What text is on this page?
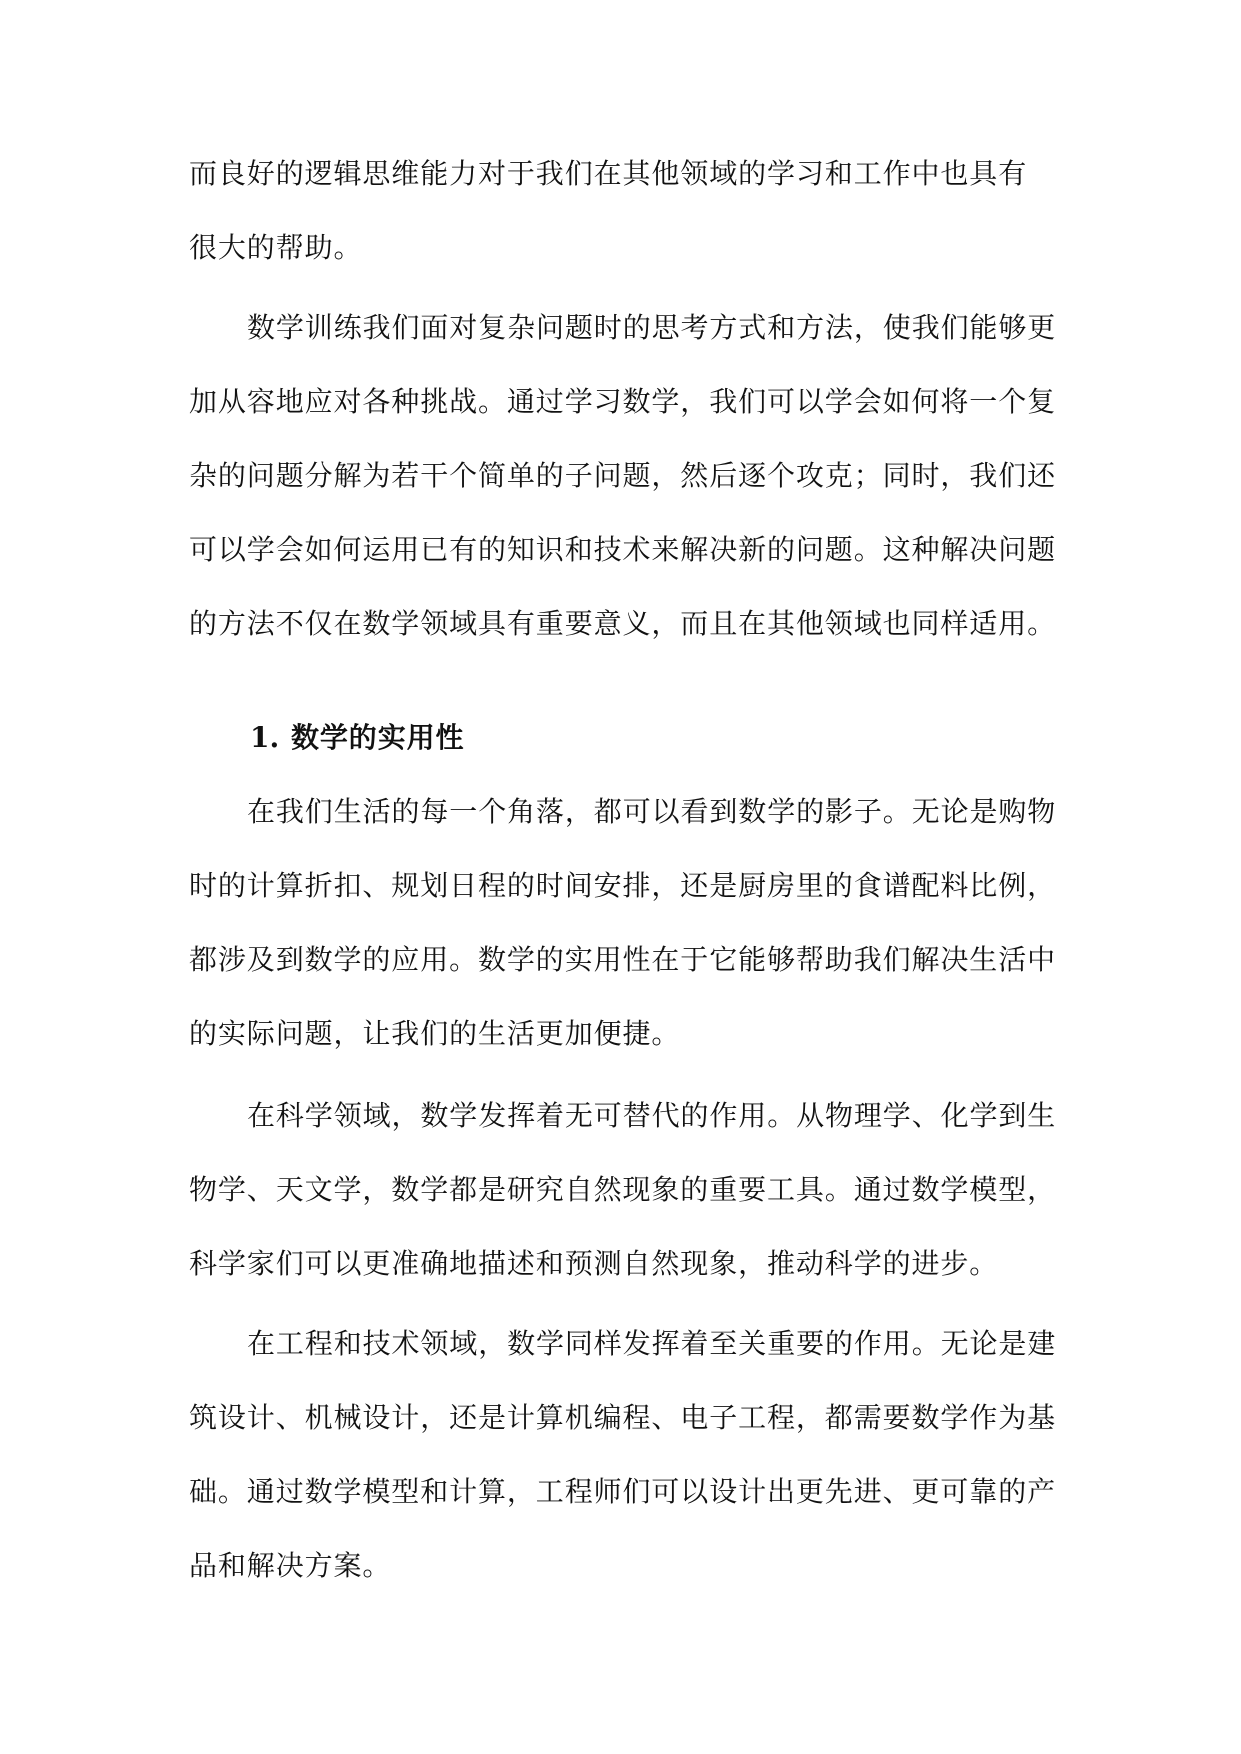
而良好的逻辑思维能力对于我们在其他领域的学习和工作中也具有
很大的帮助。
数学训练我们面对复杂问题时的思考方式和方法，使我们能够更
加从容地应对各种挑战。通过学习数学，我们可以学会如何将一个复
杂的问题分解为若干个简单的子问题，然后逐个攻克；同时，我们还
可以学会如何运用已有的知识和技术来解决新的问题。这种解决问题
的方法不仅在数学领域具有重要意义，而且在其他领域也同样适用。
1. 数学的实用性
在我们生活的每一个角落，都可以看到数学的影子。无论是购物
时的计算折扣、规划日程的时间安排，还是厨房里的食谱配料比例，
都涉及到数学的应用。数学的实用性在于它能够帮助我们解决生活中
的实际问题，让我们的生活更加便捷。
在科学领域，数学发挥着无可替代的作用。从物理学、化学到生
物学、天文学，数学都是研究自然现象的重要工具。通过数学模型，
科学家们可以更准确地描述和预测自然现象，推动科学的进步。
在工程和技术领域，数学同样发挥着至关重要的作用。无论是建
筑设计、机械设计，还是计算机编程、电子工程，都需要数学作为基
础。通过数学模型和计算，工程师们可以设计出更先进、更可靠的产
品和解决方案。
